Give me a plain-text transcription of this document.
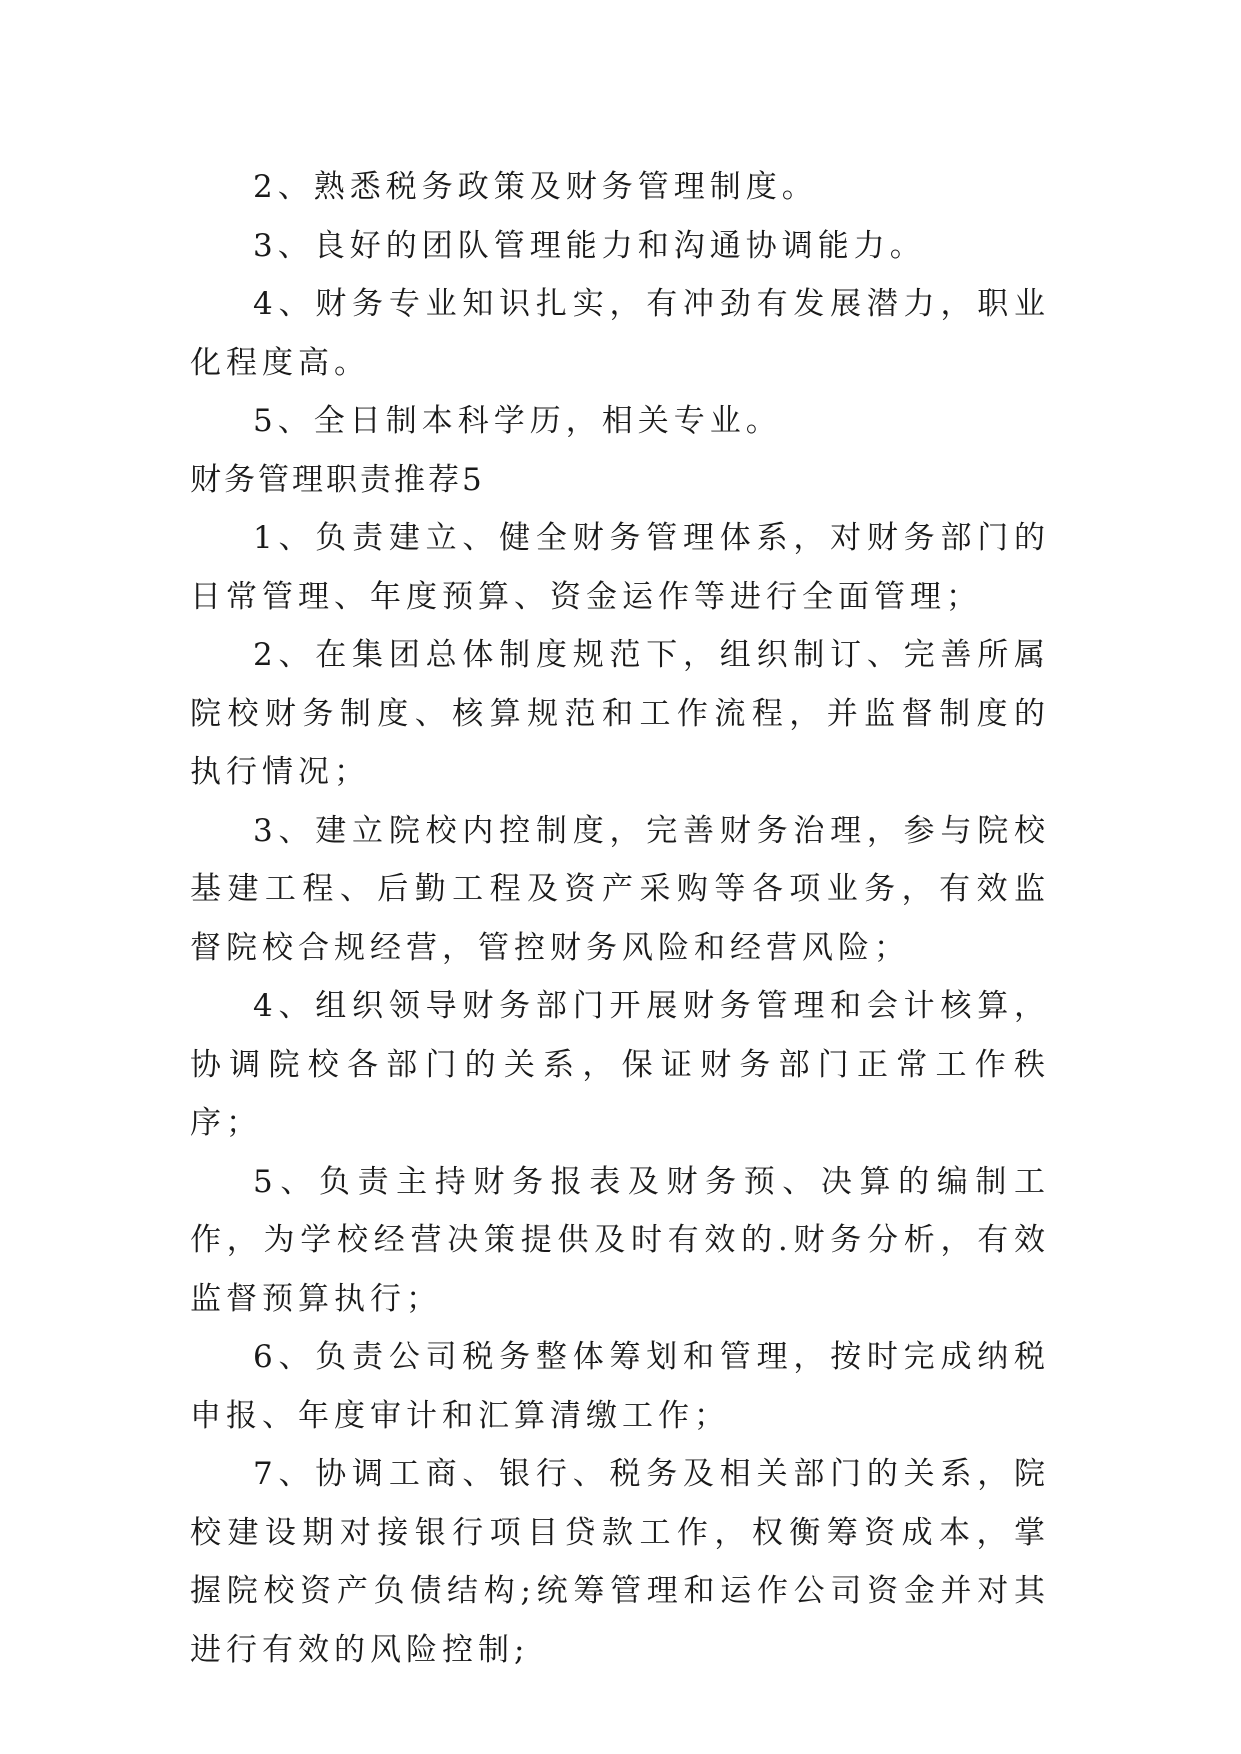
2、熟悉税务政策及财务管理制度。

3、良好的团队管理能力和沟通协调能力。

4、财务专业知识扎实，有冲劲有发展潜力，职业化程度高。

5、全日制本科学历，相关专业。

财务管理职责推荐5

1、负责建立、健全财务管理体系，对财务部门的日常管理、年度预算、资金运作等进行全面管理；

2、在集团总体制度规范下，组织制订、完善所属院校财务制度、核算规范和工作流程，并监督制度的执行情况；

3、建立院校内控制度，完善财务治理，参与院校基建工程、后勤工程及资产采购等各项业务，有效监督院校合规经营，管控财务风险和经营风险；

4、组织领导财务部门开展财务管理和会计核算，协调院校各部门的关系，保证财务部门正常工作秩序；

5、负责主持财务报表及财务预、决算的编制工作，为学校经营决策提供及时有效的.财务分析，有效监督预算执行；

6、负责公司税务整体筹划和管理，按时完成纳税申报、年度审计和汇算清缴工作；

7、协调工商、银行、税务及相关部门的关系，院校建设期对接银行项目贷款工作，权衡筹资成本，掌握院校资产负债结构;统筹管理和运作公司资金并对其进行有效的风险控制;
